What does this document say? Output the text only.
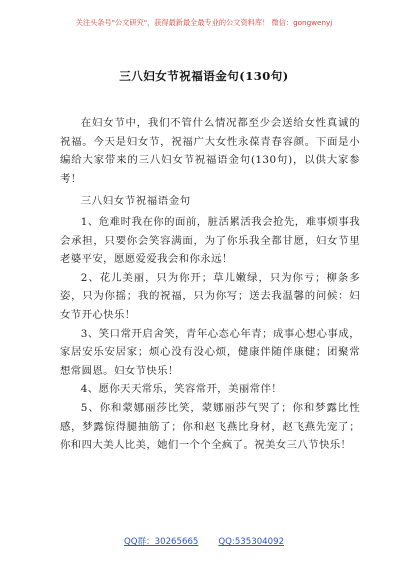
关注头条号"公文研究"，获得最新最全最专业的公文资料库！ 微信：gongwenyj
三八妇女节祝福语金句(130句)

在妇女节中，我们不管什么情况都至少会送给女性真诚的祝福。今天是妇女节，祝福广大女性永葆青春容颜。下面是小编给大家带来的三八妇女节祝福语金句(130句)，以供大家参考！

三八妇女节祝福语金句

1、危难时我在你的面前，脏活累活我会抢先，难事烦事我会承担，只要你会笑容满面，为了你乐我全都甘愿，妇女节里老婆平安，愿愿爱爱我会和你永远！

2、花儿美丽，只为你开；草儿嫩绿，只为你亏；柳条多姿，只为你摇；我的祝福，只为你写；送去我温馨的问候：妇女节开心快乐！

3、笑口常开启舍笑，青年心态心年青；成事心想心事成，家居安乐安居家；烦心没有没心烦，健康伴随伴康健；团聚常想常圆恩。妇女节快乐！

4、愿你天天常乐，笑容常开，美丽常伴！

5、你和蒙娜丽莎比笑，蒙娜丽莎气哭了；你和梦露比性感，梦露惊得腿抽筋了；你和赵飞燕比身材，赵飞燕先宠了；你和四大美人比美，她们一个个全疯了。祝美女三八节快乐！

QQ群：30265665 QQ:535304092
